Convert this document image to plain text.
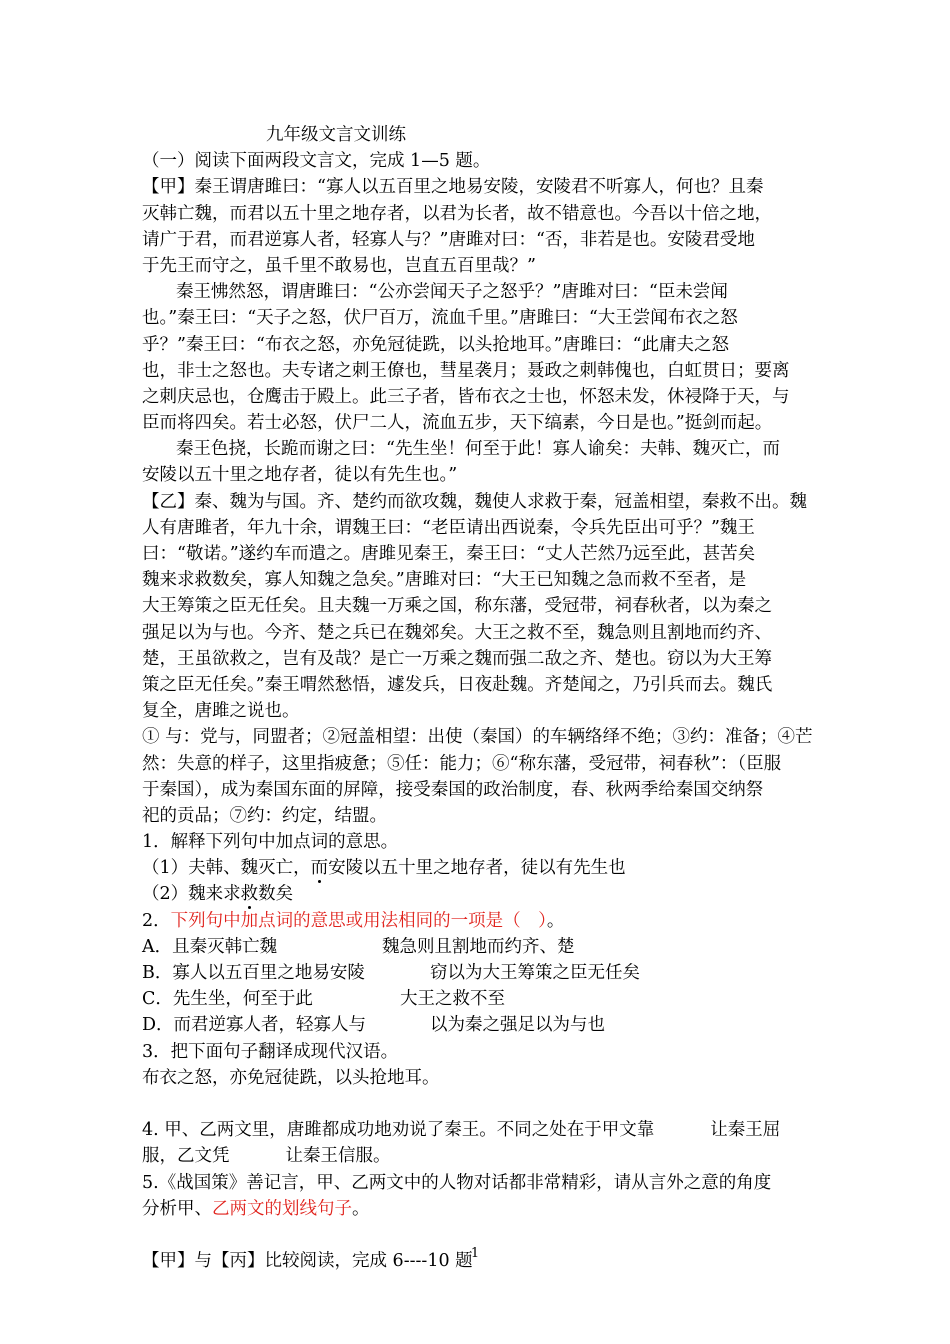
九年级文言文训练
（一）阅读下面两段文言文，完成 1—5 题。
【甲】秦王谓唐雎曰：“寡人以五百里之地易安陵，安陵君不听寡人，何也？且秦
灭韩亡魏，而君以五十里之地存者，以君为长者，故不错意也。今吾以十倍之地，
请广于君，而君逆寡人者，轻寡人与？”唐雎对曰：“否，非若是也。安陵君受地
于先王而守之，虽千里不敢易也，岂直五百里哉？”
秦王怫然怒，谓唐雎曰：“公亦尝闻天子之怒乎？”唐雎对曰：“臣未尝闻
也。”秦王曰：“天子之怒，伏尸百万，流血千里。”唐雎曰：“大王尝闻布衣之怒
乎？”秦王曰：“布衣之怒，亦免冠徒跣，以头抢地耳。”唐雎曰：“此庸夫之怒
也，非士之怒也。夫专诸之刺王僚也，彗星袭月；聂政之刺韩傀也，白虹贯日；要离
之刺庆忌也，仓鹰击于殿上。此三子者，皆布衣之士也，怀怒未发，休祲降于天，与
臣而将四矣。若士必怒，伏尸二人，流血五步，天下缟素，今日是也。”挺剑而起。
秦王色挠，长跪而谢之曰：“先生坐！何至于此！寡人谕矣：夫韩、魏灭亡，而
安陵以五十里之地存者，徒以有先生也。”
【乙】秦、魏为与国。齐、楚约而欲攻魏，魏使人求救于秦，冠盖相望，秦救不出。魏
人有唐雎者，年九十余，谓魏王曰：“老臣请出西说秦，令兵先臣出可乎？”魏王
曰：“敬诺。”遂约车而遣之。唐雎见秦王，秦王曰：“丈人芒然乃远至此，甚苦矣
魏来求救数矣，寡人知魏之急矣。”唐雎对曰：“大王已知魏之急而救不至者，是
大王筹策之臣无任矣。且夫魏一万乘之国，称东藩，受冠带，祠春秋者，以为秦之
强足以为与也。今齐、楚之兵已在魏郊矣。大王之救不至，魏急则且割地而约齐、
楚，王虽欲救之，岂有及哉？是亡一万乘之魏而强二敌之齐、楚也。窃以为大王筹
策之臣无任矣。”秦王喟然愁悟，遽发兵，日夜赴魏。齐楚闻之，乃引兵而去。魏氏
复全，唐雎之说也。
① 与：党与，同盟者；②冠盖相望：出使（秦国）的车辆络绎不绝；③约：准备；④芒
然：失意的样子，这里指疲惫；⑤任：能力；⑥“称东藩，受冠带，祠春秋”：（臣服
于秦国），成为秦国东面的屏障，接受秦国的政治制度，春、秋两季给秦国交纳祭
祀的贡品；⑦约：约定，结盟。
1．解释下列句中加点词的意思。
（1）夫韩、魏灭亡，而安陵以五十里之地存者，徒以有先生也
（2）魏来求救数矣
2．下列句中加点词的意思或用法相同的一项是（　）。
A．且秦灭韩亡魏	魏急则且割地而约齐、楚
B．寡人以五百里之地易安陵	窃以为大王筹策之臣无任矣
C．先生坐，何至于此	大王之救不至
D．而君逆寡人者，轻寡人与	以为秦之强足以为与也
3．把下面句子翻译成现代汉语。
布衣之怒，亦免冠徒跣，以头抢地耳。
4. 甲、乙两文里，唐雎都成功地劝说了秦王。不同之处在于甲文靠	让秦王屈
服，乙文凭	让秦王信服。
5.《战国策》善记言，甲、乙两文中的人物对话都非常精彩，请从言外之意的角度
分析甲、乙两文的划线句子。
【甲】与【丙】比较阅读，完成 6----10 题
1
